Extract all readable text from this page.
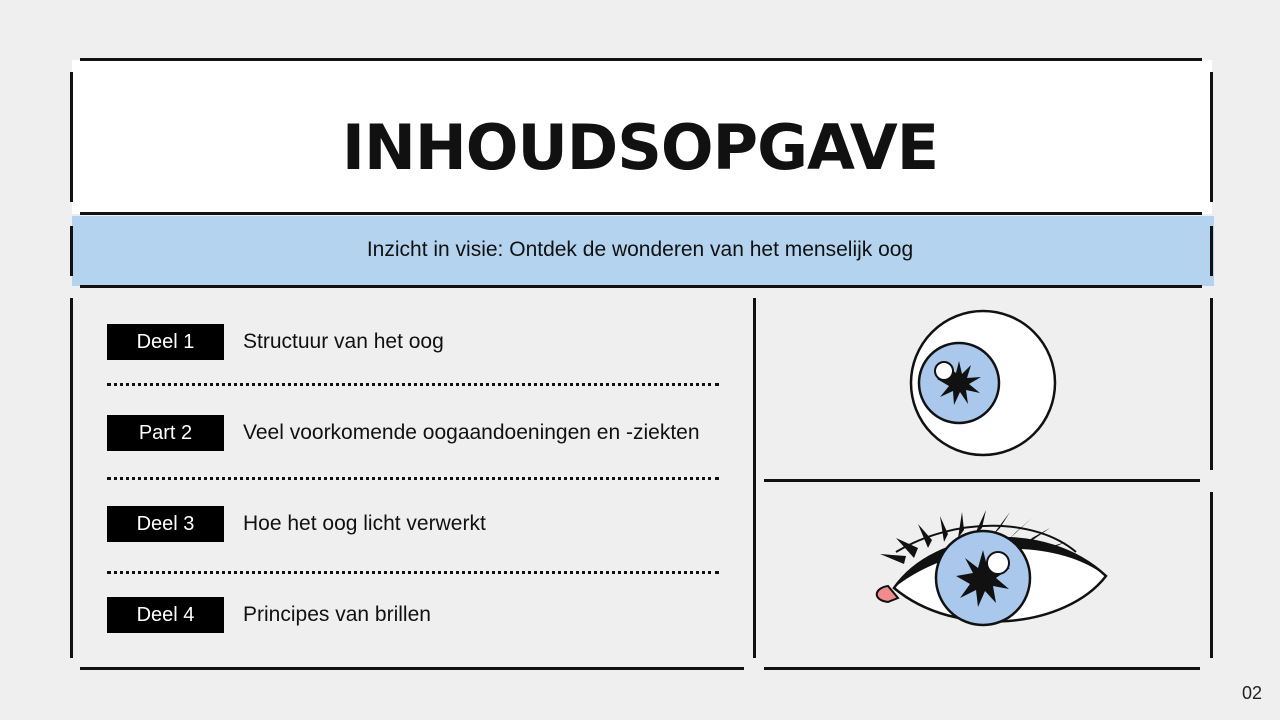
INHOUDSOPGAVE
Inzicht in visie: Ontdek de wonderen van het menselijk oog
Deel 1	Structuur van het oog
Part 2	Veel voorkomende oogaandoeningen en -ziekten
Deel 3	Hoe het oog licht verwerkt
Deel 4	Principes van brillen
02
